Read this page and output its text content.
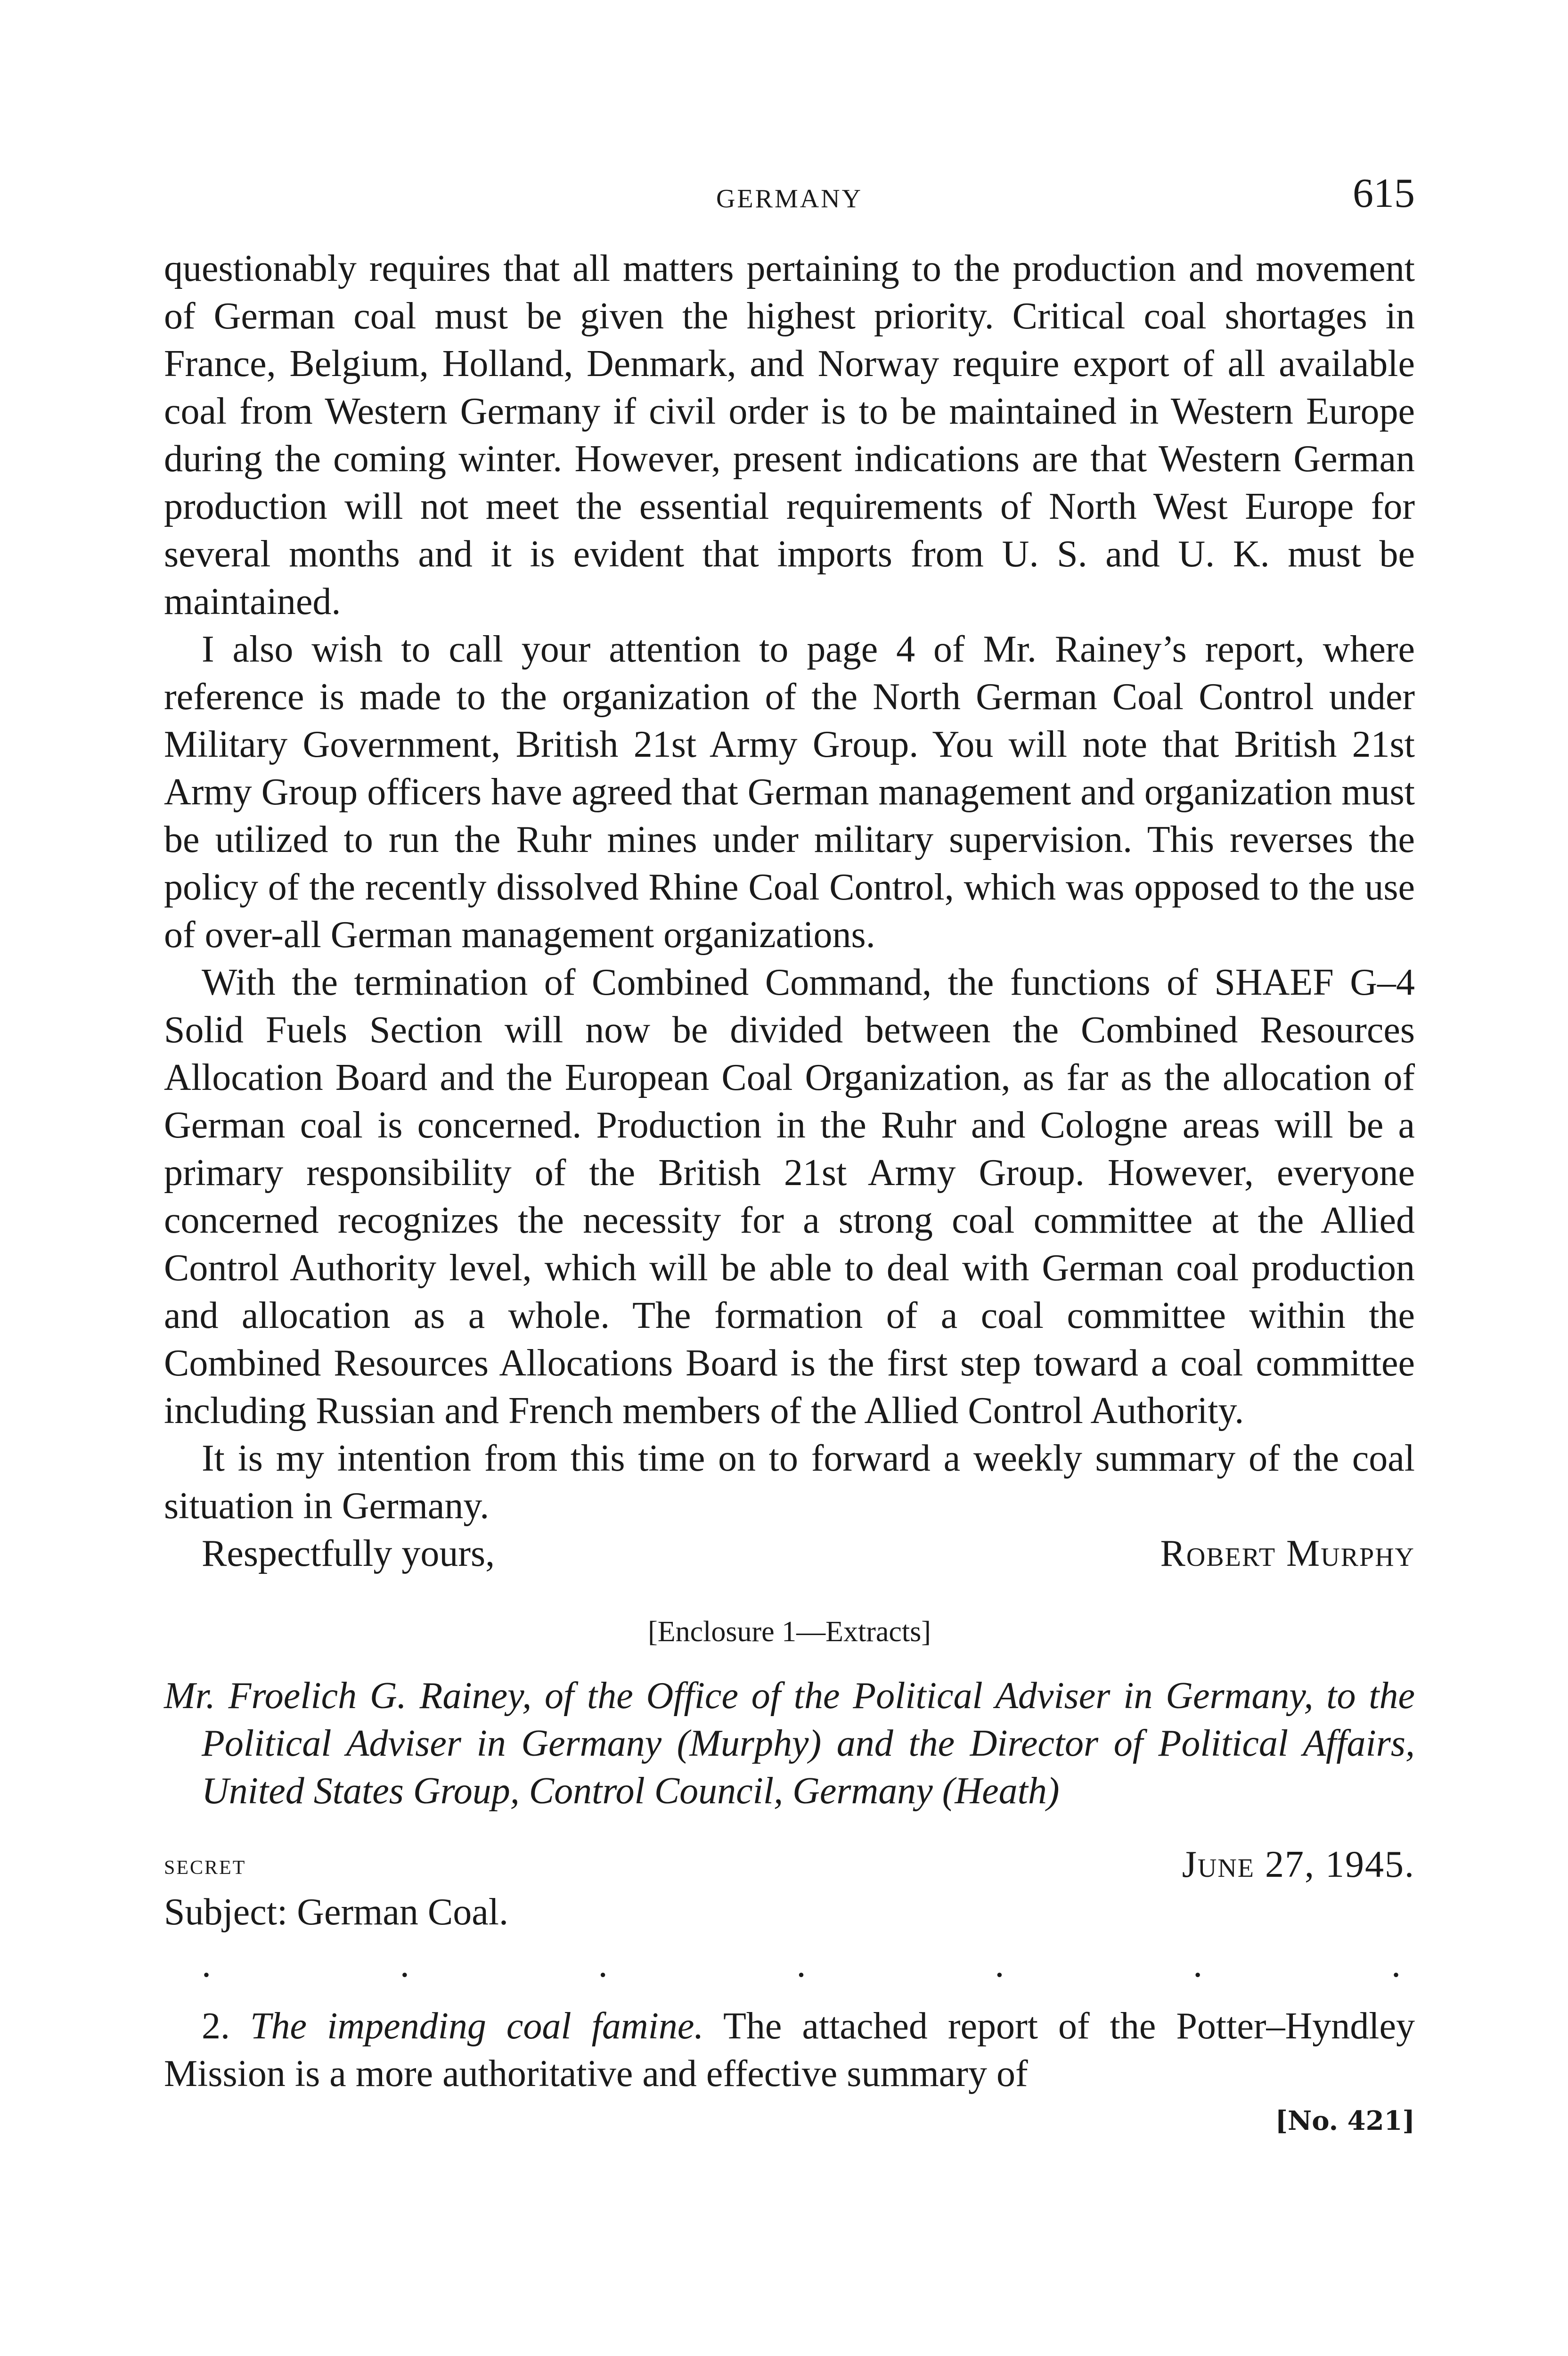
GERMANY	615

questionably requires that all matters pertaining to the production and movement of German coal must be given the highest priority. Critical coal shortages in France, Belgium, Holland, Denmark, and Norway require export of all available coal from Western Germany if civil order is to be maintained in Western Europe during the coming winter. However, present indications are that Western German production will not meet the essential requirements of North West Europe for several months and it is evident that imports from U. S. and U. K. must be maintained.

I also wish to call your attention to page 4 of Mr. Rainey’s report, where reference is made to the organization of the North German Coal Control under Military Government, British 21st Army Group. You will note that British 21st Army Group officers have agreed that German management and organization must be utilized to run the Ruhr mines under military supervision. This reverses the policy of the recently dissolved Rhine Coal Control, which was opposed to the use of over-all German management organizations.

With the termination of Combined Command, the functions of SHAEF G–4 Solid Fuels Section will now be divided between the Combined Resources Allocation Board and the European Coal Organization, as far as the allocation of German coal is concerned. Production in the Ruhr and Cologne areas will be a primary responsibility of the British 21st Army Group. However, everyone concerned recognizes the necessity for a strong coal committee at the Allied Control Authority level, which will be able to deal with German coal production and allocation as a whole. The formation of a coal committee within the Combined Resources Allocations Board is the first step toward a coal committee including Russian and French members of the Allied Control Authority.

It is my intention from this time on to forward a weekly summary of the coal situation in Germany.

Respectfully yours,	Robert Murphy
[Enclosure 1—Extracts]

Mr. Froelich G. Rainey, of the Office of the Political Adviser in Germany, to the Political Adviser in Germany (Murphy) and the Director of Political Affairs, United States Group, Control Council, Germany (Heath)

secret	June 27, 1945.
Subject: German Coal.
.	.	.	.	.	.	.

2. The impending coal famine. The attached report of the Potter–Hyndley Mission is a more authoritative and effective summary of

[No. 421]
